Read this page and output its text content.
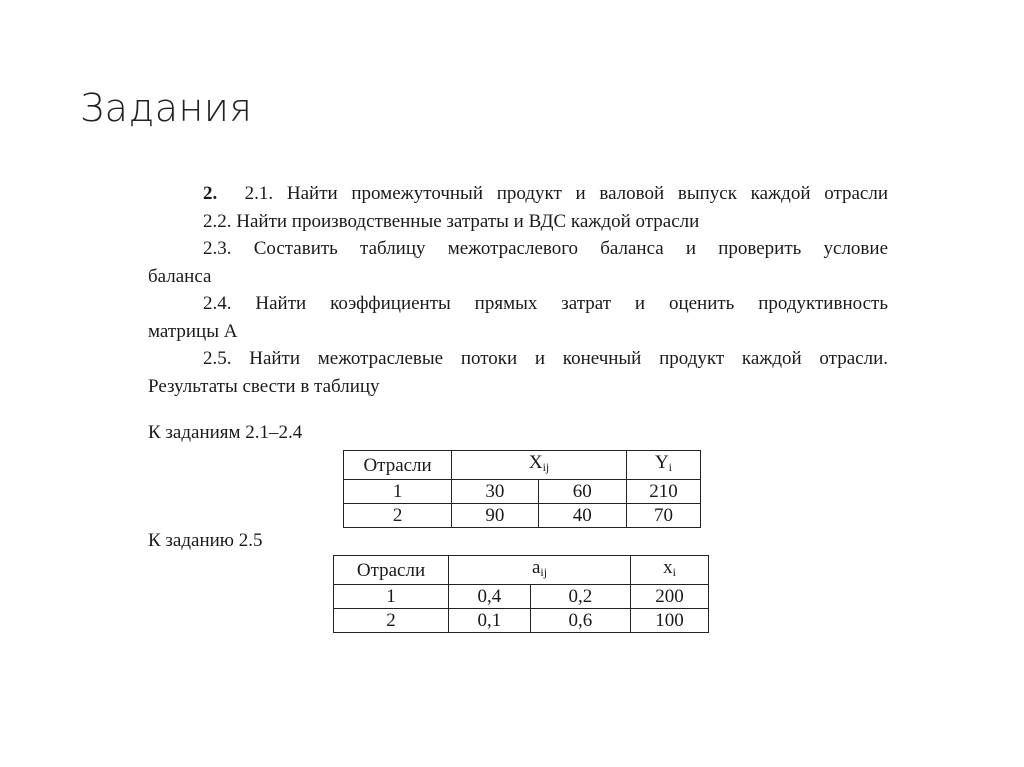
Задания
2. 2.1. Найти промежуточный продукт и валовой выпуск каждой отрасли
2.2. Найти производственные затраты и ВДС каждой отрасли
2.3. Составить таблицу межотраслевого баланса и проверить условие
баланса
2.4. Найти коэффициенты прямых затрат и оценить продуктивность
матрицы А
2.5. Найти межотраслевые потоки и конечный продукт каждой отрасли.
Результаты свести в таблицу
К заданиям 2.1–2.4
Отрасли	$X_{ij}$		$Y_i$
1	30	60	210
2	90	40	70
К заданию 2.5
Отрасли	$a_{ij}$		$x_i$
1	0,4	0,2	200
2	0,1	0,6	100
